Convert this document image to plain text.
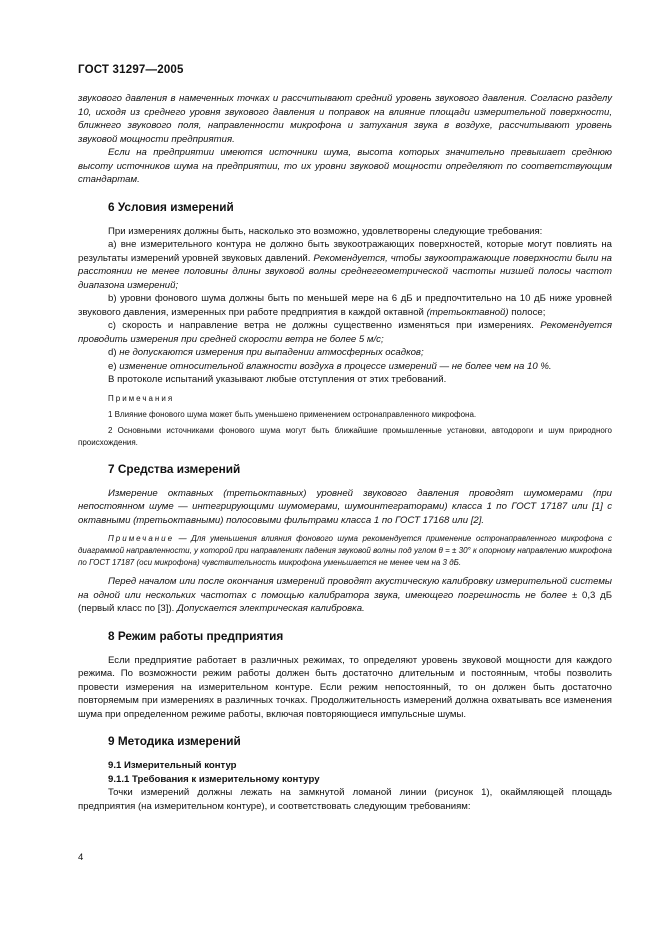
ГОСТ 31297—2005

звукового давления в намеченных точках и рассчитывают средний уровень звукового давления. Согласно разделу 10, исходя из среднего уровня звукового давления и поправок на влияние площади измерительной поверхности, ближнего звукового поля, направленности микрофона и затухания звука в воздухе, рассчитывают уровень звуковой мощности предприятия.

Если на предприятии имеются источники шума, высота которых значительно превышает среднюю высоту источников шума на предприятии, то их уровни звуковой мощности определяют по соответствующим стандартам.

6 Условия измерений

При измерениях должны быть, насколько это возможно, удовлетворены следующие требования:

а) вне измерительного контура не должно быть звукоотражающих поверхностей, которые могут повлиять на результаты измерений уровней звуковых давлений. Рекомендуется, чтобы звукоотражающие поверхности были на расстоянии не менее половины длины звуковой волны среднегеометрической частоты низшей полосы частот диапазона измерений;

b) уровни фонового шума должны быть по меньшей мере на 6 дБ и предпочтительно на 10 дБ ниже уровней звукового давления, измеренных при работе предприятия в каждой октавной (третьоктавной) полосе;

с) скорость и направление ветра не должны существенно изменяться при измерениях. Рекомендуется проводить измерения при средней скорости ветра не более 5 м/с;

d) не допускаются измерения при выпадении атмосферных осадков;

е) изменение относительной влажности воздуха в процессе измерений — не более чем на 10 %.

В протоколе испытаний указывают любые отступления от этих требований.

Примечания

1 Влияние фонового шума может быть уменьшено применением остронаправленного микрофона.

2 Основными источниками фонового шума могут быть ближайшие промышленные установки, автодороги и шум природного происхождения.

7 Средства измерений

Измерение октавных (третьоктавных) уровней звукового давления проводят шумомерами (при непостоянном шуме — интегрирующими шумомерами, шумоинтеграторами) класса 1 по ГОСТ 17187 или [1] с октавными (третьоктавными) полосовыми фильтрами класса 1 по ГОСТ 17168 или [2].

Примечание — Для уменьшения влияния фонового шума рекомендуется применение остронаправленного микрофона с диаграммой направленности, у которой при направлениях падения звуковой волны под углом θ = ± 30° к опорному направлению микрофона по ГОСТ 17187 (оси микрофона) чувствительность микрофона уменьшается не менее чем на 3 дБ.

Перед началом или после окончания измерений проводят акустическую калибровку измерительной системы на одной или нескольких частотах с помощью калибратора звука, имеющего погрешность не более ± 0,3 дБ (первый класс по [3]). Допускается электрическая калибровка.

8 Режим работы предприятия

Если предприятие работает в различных режимах, то определяют уровень звуковой мощности для каждого режима. По возможности режим работы должен быть достаточно длительным и постоянным, чтобы позволить провести измерения на измерительном контуре. Если режим непостоянный, то он должен быть достаточно повторяемым при измерениях в различных точках. Продолжительность измерений должна охватывать все изменения шума при определенном режиме работы, включая повторяющиеся импульсные шумы.

9 Методика измерений
9.1 Измерительный контур
9.1.1 Требования к измерительному контуру

Точки измерений должны лежать на замкнутой ломаной линии (рисунок 1), окаймляющей площадь предприятия (на измерительном контуре), и соответствовать следующим требованиям:

4
